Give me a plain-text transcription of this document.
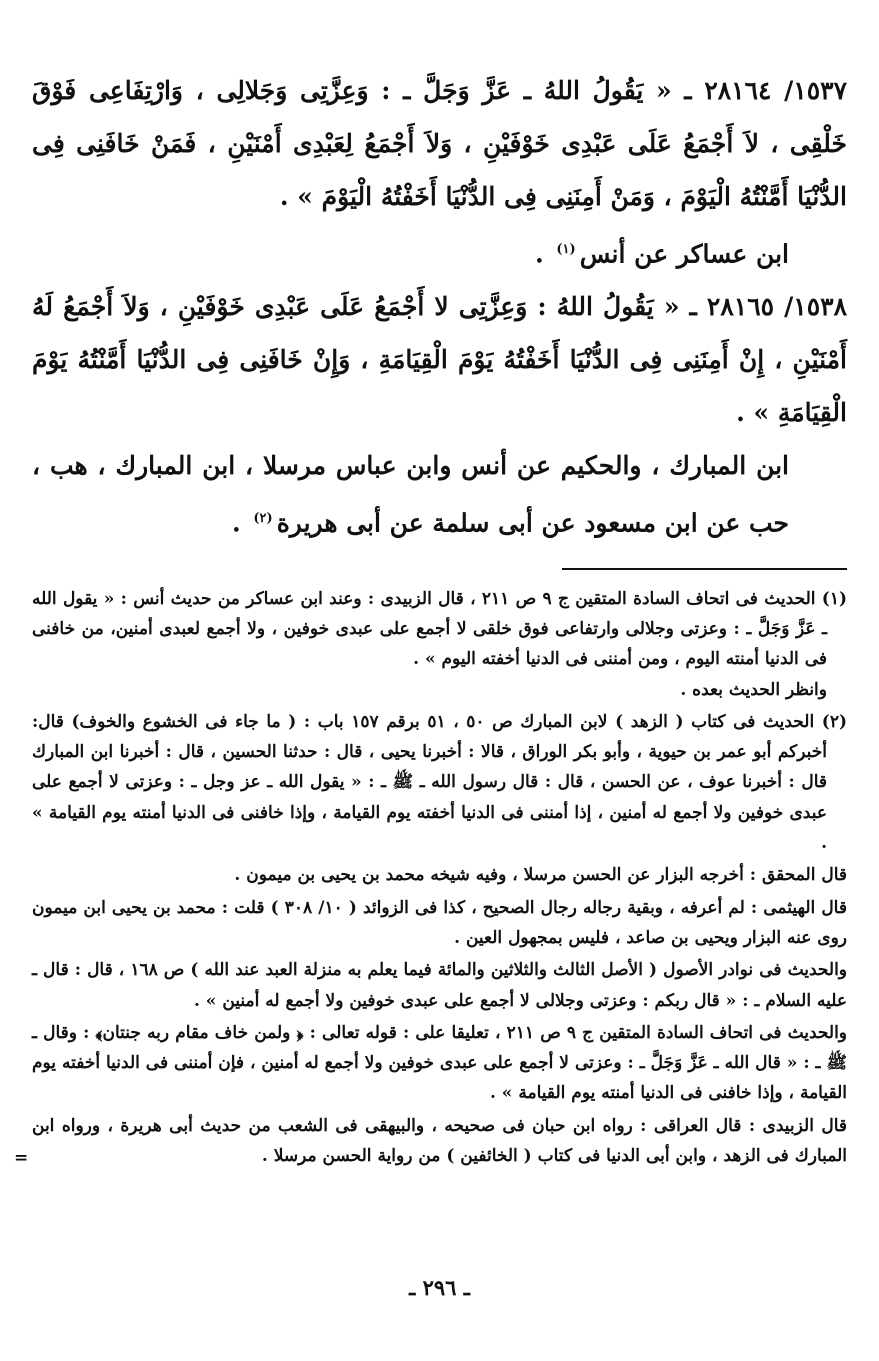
١٥٣٧/ ٢٨١٦٤ ـ « يَقُولُ اللهُ ـ عَزَّ وَجَلَّ ـ : وَعِزَّتِى وَجَلالِى ، وَارْتِفَاعِى فَوْقَ خَلْقِى ، لاَ أَجْمَعُ عَلَى عَبْدِى خَوْفَيْنِ ، وَلاَ أَجْمَعُ لِعَبْدِى أَمْنَيْنِ ، فَمَنْ خَافَنِى فِى الدُّنْيَا أَمَّنْتُهُ الْيَوْمَ ، وَمَنْ أَمِنَنِى فِى الدُّنْيَا أَخَفْتُهُ الْيَوْمَ » .

ابن عساكر عن أنس$^{(١)}$ .

١٥٣٨/ ٢٨١٦٥ ـ « يَقُولُ اللهُ : وَعِزَّتِى لا أَجْمَعُ عَلَى عَبْدِى خَوْفَيْنِ ، وَلاَ أَجْمَعُ لَهُ أَمْنَيْنِ ، إِنْ أَمِنَنِى فِى الدُّنْيَا أَخَفْتُهُ يَوْمَ الْقِيَامَةِ ، وَإِنْ خَافَنِى فِى الدُّنْيَا أَمَّنْتُهُ يَوْمَ الْقِيَامَةِ » .

ابن المبارك ، والحكيم عن أنس وابن عباس مرسلا ، ابن المبارك ، هب ، حب عن ابن مسعود عن أبى سلمة عن أبى هريرة$^{(٢)}$ .

(١) الحديث فى اتحاف السادة المتقين ج ٩ ص ٢١١ ، قال الزبيدى : وعند ابن عساكر من حديث أنس : « يقول الله ـ عَزَّ وَجَلَّ ـ : وعزتى وجلالى وارتفاعى فوق خلقى لا أجمع على عبدى خوفين ، ولا أجمع لعبدى أمنين، من خافنى فى الدنيا أمنته اليوم ، ومن أمننى فى الدنيا أخفته اليوم » .

وانظر الحديث بعده .

(٢) الحديث فى كتاب ( الزهد ) لابن المبارك ص ٥٠ ، ٥١ برقم ١٥٧ باب : ( ما جاء فى الخشوع والخوف) قال: أخبركم أبو عمر بن حيوية ، وأبو بكر الوراق ، قالا : أخبرنا يحيى ، قال : حدثنا الحسين ، قال : أخبرنا ابن المبارك قال : أخبرنا عوف ، عن الحسن ، قال : قال رسول الله ـ ﷺ ـ : « يقول الله ـ عز وجل ـ : وعزتى لا أجمع على عبدى خوفين ولا أجمع له أمنين ، إذا أمننى فى الدنيا أخفته يوم القيامة ، وإذا خافنى فى الدنيا أمنته يوم القيامة » .

قال المحقق : أخرجه البزار عن الحسن مرسلا ، وفيه شيخه محمد بن يحيى بن ميمون .

قال الهيثمى : لم أعرفه ، وبقية رجاله رجال الصحيح ، كذا فى الزوائد ( ١٠/ ٣٠٨ ) قلت : محمد بن يحيى ابن ميمون روى عنه البزار ويحيى بن صاعد ، فليس بمجهول العين .

والحديث فى نوادر الأصول ( الأصل الثالث والثلاثين والمائة فيما يعلم به منزلة العبد عند الله ) ص ١٦٨ ، قال : قال ـ عليه السلام ـ : « قال ربكم : وعزتى وجلالى لا أجمع على عبدى خوفين ولا أجمع له أمنين » .

والحديث فى اتحاف السادة المتقين ج ٩ ص ٢١١ ، تعليقا على : قوله تعالى : ﴿ ولمن خاف مقام ربه جنتان﴾ : وقال ـ ﷺ ـ : « قال الله ـ عَزَّ وَجَلَّ ـ : وعزتى لا أجمع على عبدى خوفين ولا أجمع له أمنين ، فإن أمننى فى الدنيا أخفته يوم القيامة ، وإذا خافنى فى الدنيا أمنته يوم القيامة » .

قال الزبيدى : قال العراقى : رواه ابن حبان فى صحيحه ، والبيهقى فى الشعب من حديث أبى هريرة ، ورواه ابن المبارك فى الزهد ، وابن أبى الدنيا فى كتاب ( الخائفين ) من رواية الحسن مرسلا .

=
ـ ٢٩٦ ـ
